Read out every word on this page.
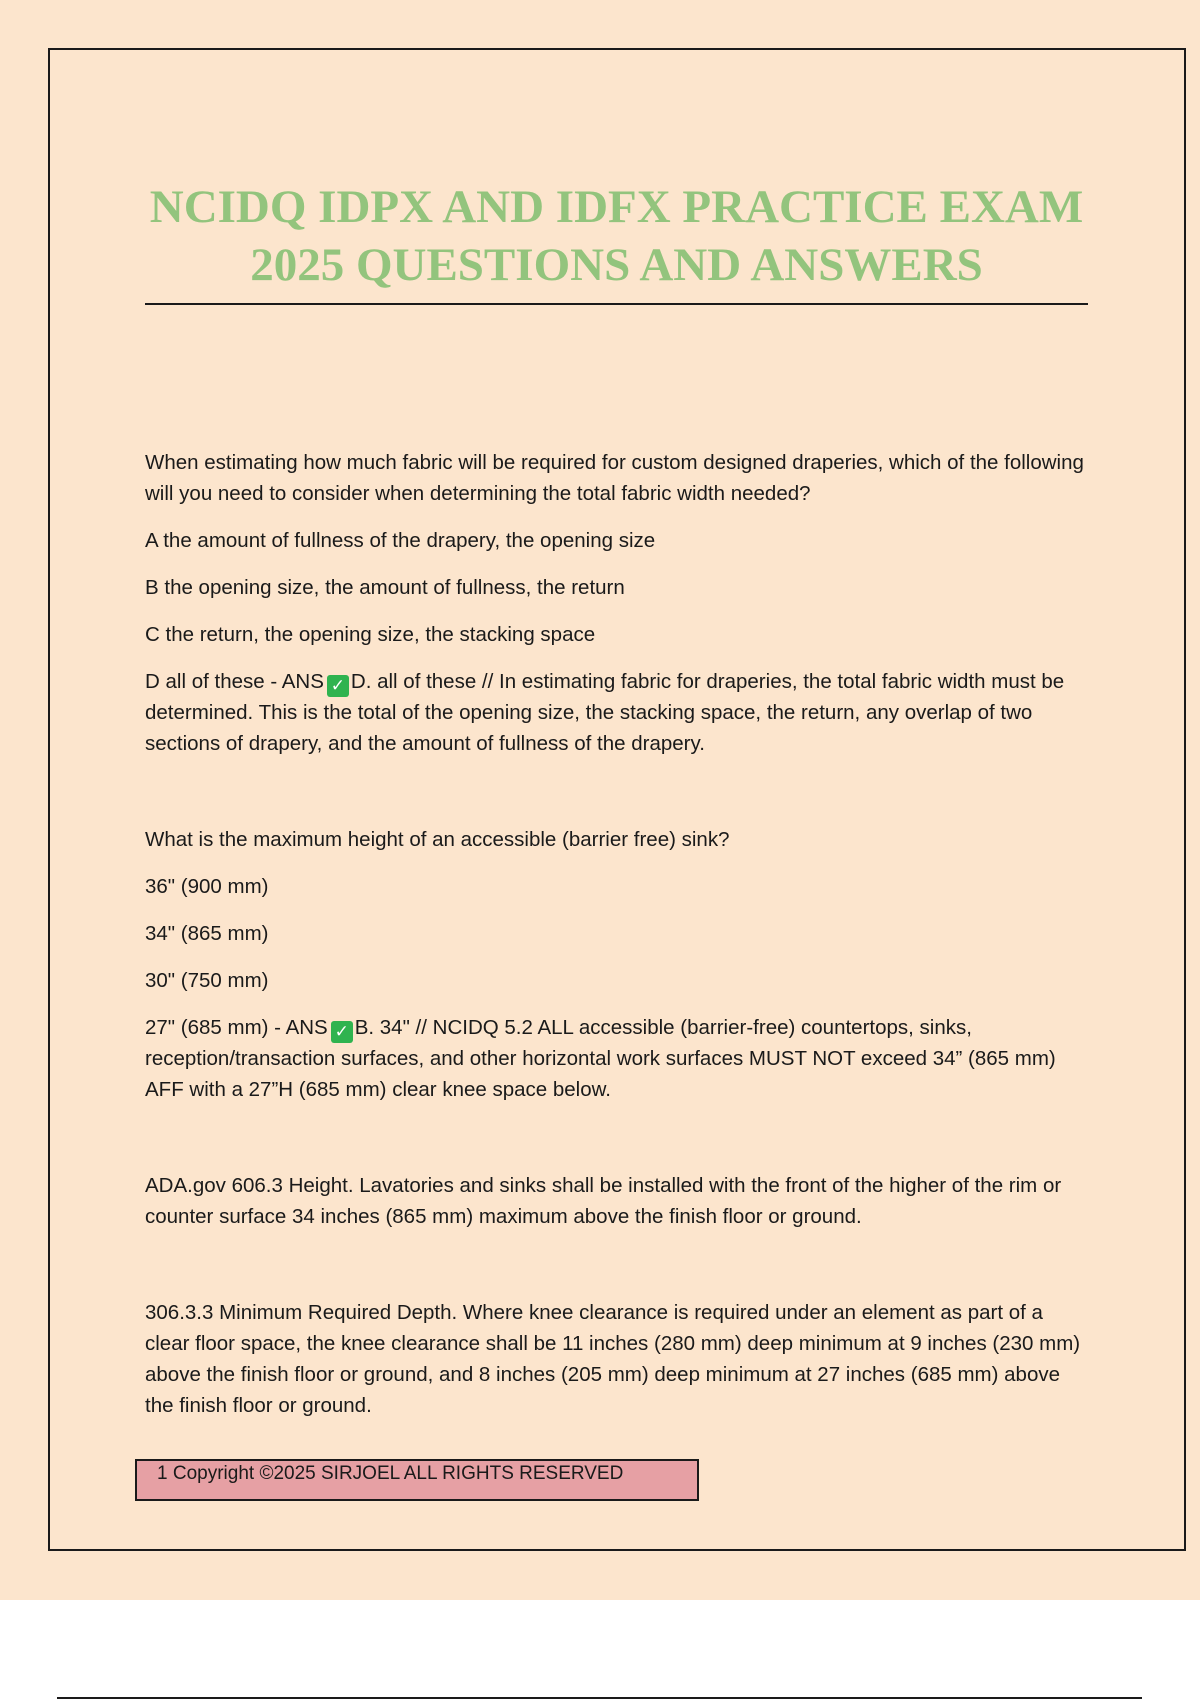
NCIDQ IDPX AND IDFX PRACTICE EXAM 2025 QUESTIONS AND ANSWERS

When estimating how much fabric will be required for custom designed draperies, which of the following will you need to consider when determining the total fabric width needed?

A the amount of fullness of the drapery, the opening size

B the opening size, the amount of fullness, the return

C the return, the opening size, the stacking space

D all of these - ANS ✓ D. all of these // In estimating fabric for draperies, the total fabric width must be determined. This is the total of the opening size, the stacking space, the return, any overlap of two sections of drapery, and the amount of fullness of the drapery.

What is the maximum height of an accessible (barrier free) sink?

36" (900 mm)

34" (865 mm)

30" (750 mm)

27" (685 mm) - ANS ✓ B. 34" // NCIDQ 5.2 ALL accessible (barrier-free) countertops, sinks, reception/transaction surfaces, and other horizontal work surfaces MUST NOT exceed 34” (865 mm) AFF with a 27”H (685 mm) clear knee space below.

ADA.gov 606.3 Height. Lavatories and sinks shall be installed with the front of the higher of the rim or counter surface 34 inches (865 mm) maximum above the finish floor or ground.

306.3.3 Minimum Required Depth. Where knee clearance is required under an element as part of a clear floor space, the knee clearance shall be 11 inches (280 mm) deep minimum at 9 inches (230 mm) above the finish floor or ground, and 8 inches (205 mm) deep minimum at 27 inches (685 mm) above the finish floor or ground.

1 Copyright ©2025 SIRJOEL ALL RIGHTS RESERVED
